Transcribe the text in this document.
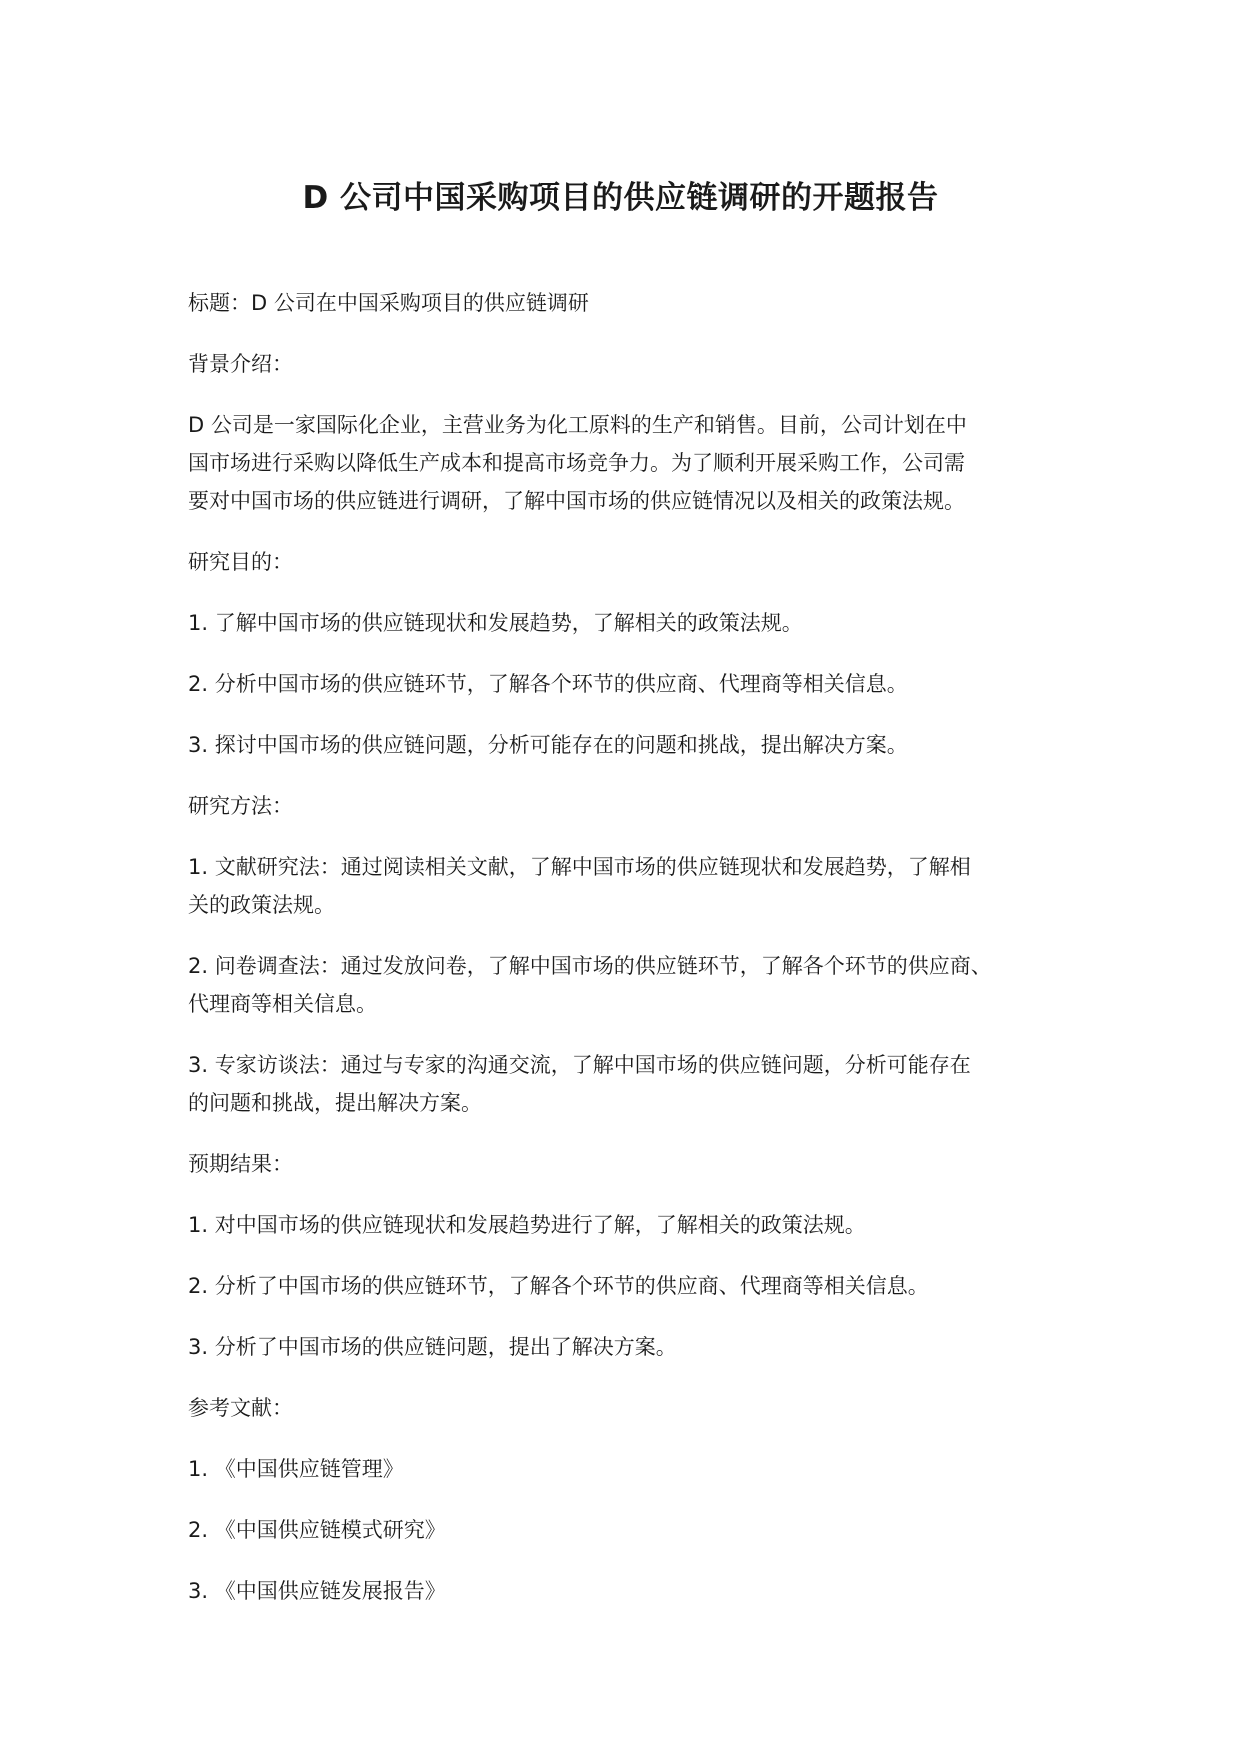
D 公司中国采购项目的供应链调研的开题报告
标题：D 公司在中国采购项目的供应链调研
背景介绍：
D 公司是一家国际化企业，主营业务为化工原料的生产和销售。目前，公司计划在中
国市场进行采购以降低生产成本和提高市场竞争力。为了顺利开展采购工作，公司需
要对中国市场的供应链进行调研，了解中国市场的供应链情况以及相关的政策法规。
研究目的：
1. 了解中国市场的供应链现状和发展趋势，了解相关的政策法规。
2. 分析中国市场的供应链环节，了解各个环节的供应商、代理商等相关信息。
3. 探讨中国市场的供应链问题，分析可能存在的问题和挑战，提出解决方案。
研究方法：
1. 文献研究法：通过阅读相关文献，了解中国市场的供应链现状和发展趋势，了解相
关的政策法规。
2. 问卷调查法：通过发放问卷，了解中国市场的供应链环节，了解各个环节的供应商、
代理商等相关信息。
3. 专家访谈法：通过与专家的沟通交流，了解中国市场的供应链问题，分析可能存在
的问题和挑战，提出解决方案。
预期结果：
1. 对中国市场的供应链现状和发展趋势进行了解，了解相关的政策法规。
2. 分析了中国市场的供应链环节，了解各个环节的供应商、代理商等相关信息。
3. 分析了中国市场的供应链问题，提出了解决方案。
参考文献：
1. 《中国供应链管理》
2. 《中国供应链模式研究》
3. 《中国供应链发展报告》
